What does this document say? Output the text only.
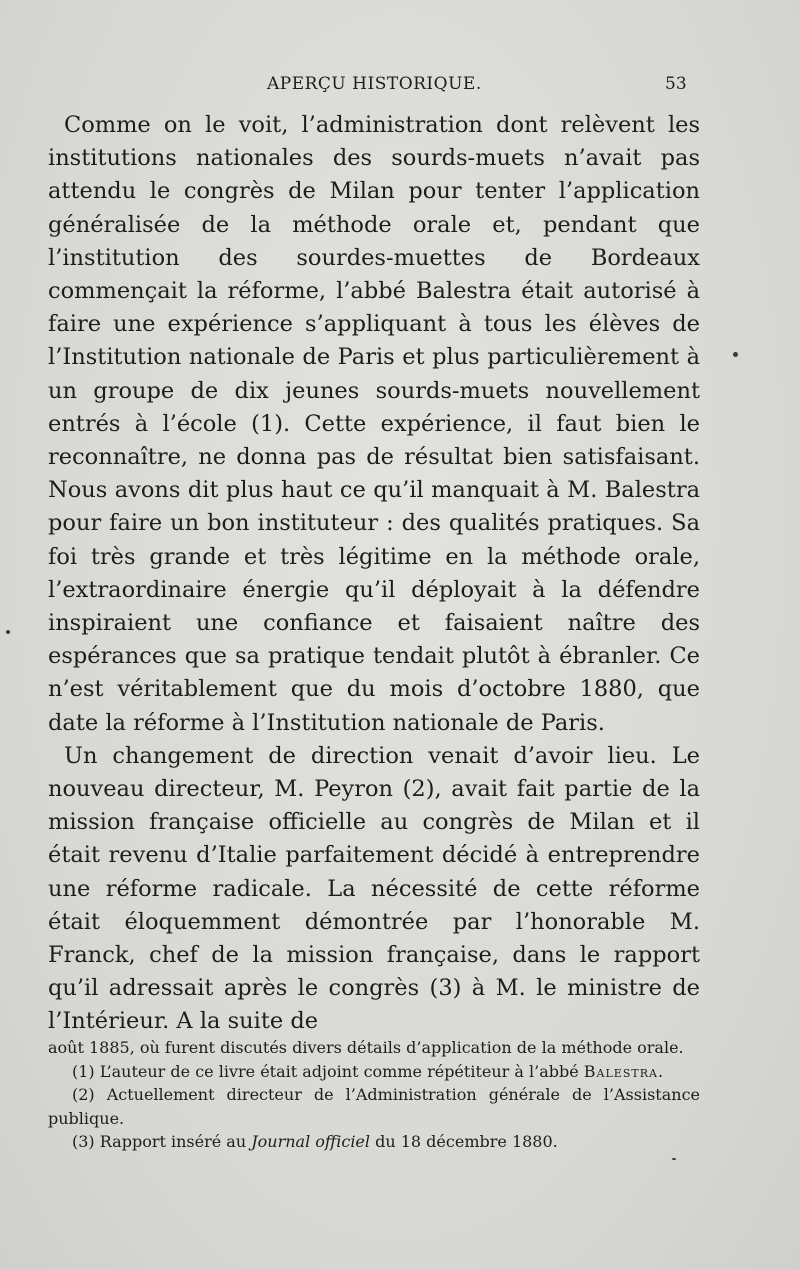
APERÇU HISTORIQUE.	53

Comme on le voit, l’administration dont relèvent les institutions nationales des sourds-muets n’avait pas attendu le congrès de Milan pour tenter l’application généralisée de la méthode orale et, pendant que l’institution des sourdes-muettes de Bordeaux commençait la réforme, l’abbé Balestra était autorisé à faire une expérience s’appliquant à tous les élèves de l’Institution nationale de Paris et plus particulièrement à un groupe de dix jeunes sourds-muets nouvellement entrés à l’école (1). Cette expérience, il faut bien le reconnaître, ne donna pas de résultat bien satisfaisant. Nous avons dit plus haut ce qu’il manquait à M. Balestra pour faire un bon instituteur : des qualités pratiques. Sa foi très grande et très légitime en la méthode orale, l’extraordinaire énergie qu’il déployait à la défendre inspiraient une confiance et faisaient naître des espérances que sa pratique tendait plutôt à ébranler. Ce n’est véritablement que du mois d’octobre 1880, que date la réforme à l’Institution nationale de Paris.

Un changement de direction venait d’avoir lieu. Le nouveau directeur, M. Peyron (2), avait fait partie de la mission française officielle au congrès de Milan et il était revenu d’Italie parfaitement décidé à entreprendre une réforme radicale. La nécessité de cette réforme était éloquemment démontrée par l’honorable M. Franck, chef de la mission française, dans le rapport qu’il adressait après le congrès (3) à M. le ministre de l’Intérieur. A la suite de

août 1885, où furent discutés divers détails d’application de la méthode orale.

(1) L’auteur de ce livre était adjoint comme répétiteur à l’abbé Balestra.

(2) Actuellement directeur de l’Administration générale de l’Assistance publique.

(3) Rapport inséré au Journal officiel du 18 décembre 1880.
